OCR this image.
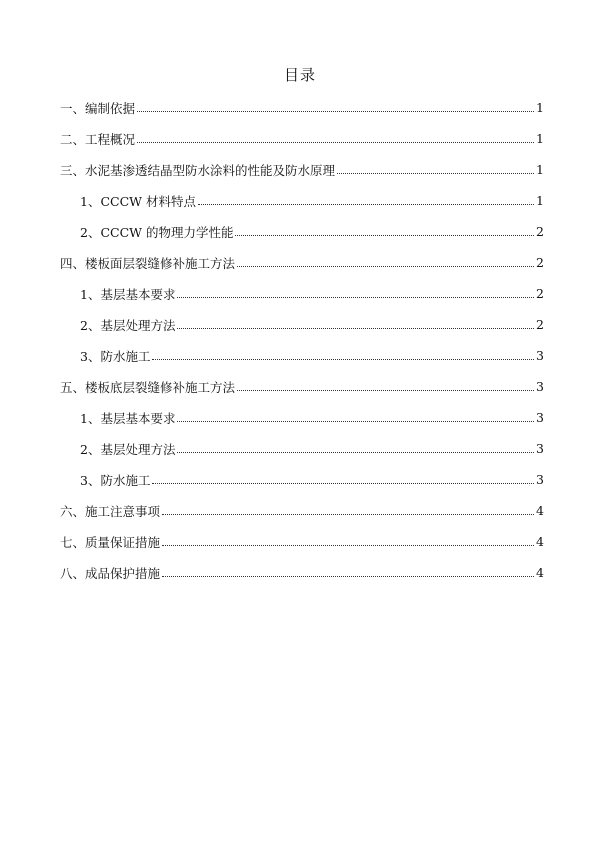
目录
一、编制依据	1
二、工程概况	1
三、水泥基渗透结晶型防水涂料的性能及防水原理	1
1、CCCW 材料特点	1
2、CCCW 的物理力学性能	2
四、楼板面层裂缝修补施工方法	2
1、基层基本要求	2
2、基层处理方法	2
3、防水施工	3
五、楼板底层裂缝修补施工方法	3
1、基层基本要求	3
2、基层处理方法	3
3、防水施工	3
六、施工注意事项	4
七、质量保证措施	4
八、成品保护措施	4
